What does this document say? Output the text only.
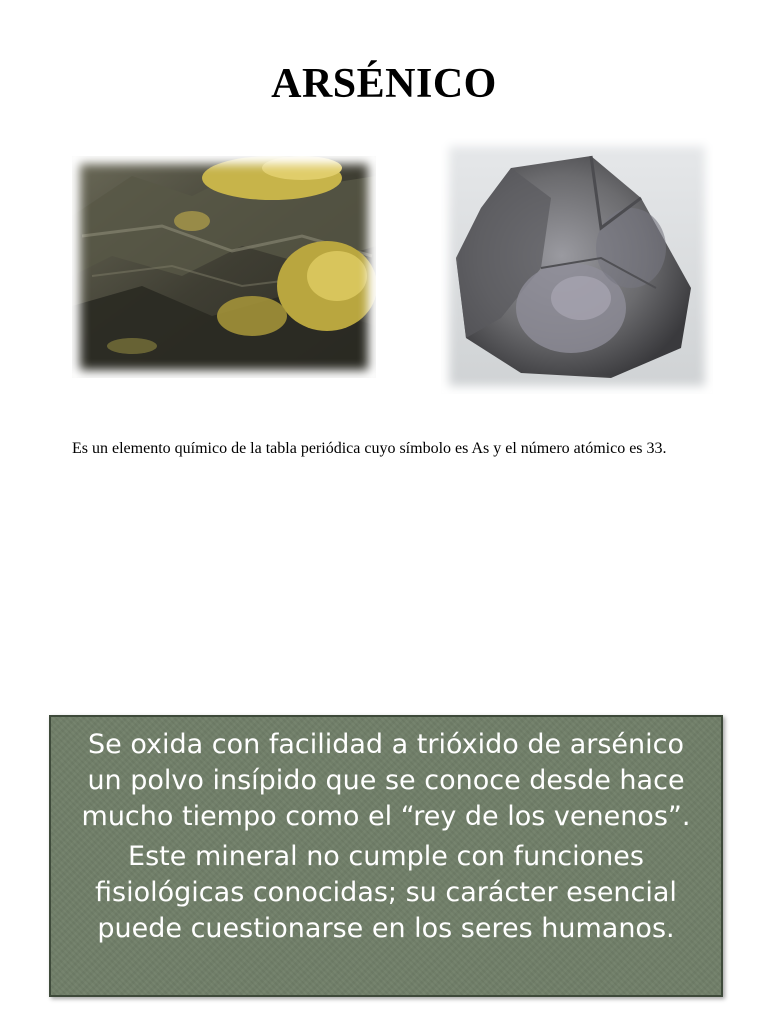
ARSÉNICO
Es un elemento químico de la tabla periódica cuyo símbolo es As y el número atómico es 33.

Se oxida con facilidad a trióxido de arsénico un polvo insípido que se conoce desde hace mucho tiempo como el “rey de los venenos”.

Este mineral no cumple con funciones fisiológicas conocidas; su carácter esencial puede cuestionarse en los seres humanos.
